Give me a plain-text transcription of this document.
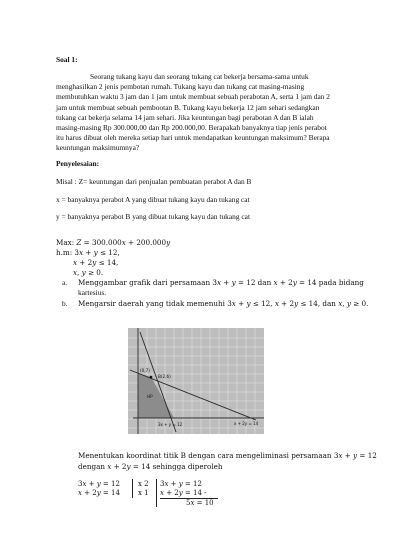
Soal 1:
Seorang tukang kayu dan seorang tukang cat bekerja bersama-sama untuk
menghasilkan 2 jenis pembotan rumah. Tukang kayu dan tukang cat masing-masing
membutuhkan waktu 3 jam dan 1 jam untuk membuat sebuah perabotan A, serta 1 jam dan 2
jam untuk membuat sebuah pembootan B. Tukang kayu bekerja 12 jam sehari sedangkan
tukang cat bekerja selama 14 jam sehari. Jika keuntungan bagi perabotan A dan B ialah
masing-masing Rp 300.000,00 dan Rp 200.000,00. Berapakah banyaknya tiap jenis perabot
itu harus dibuat oleh mereka setiap hari untuk mendapatkan keuntungan maksimum? Berapa
keuntungan maksimumnya?
Penyelesaian:
Misal : Z= keuntungan dari penjualan pembuatan perabot A dan B
x = banyaknya perabot A yang dibuat tukang kayu dan tukang cat
y = banyaknya perabot B yang dibuat tukang kayu dan tukang cat
Max: 𝑍 = 300.000𝑥 + 200.000𝑦
h.m: 3𝑥 + 𝑦 ≤ 12,
𝑥 + 2𝑦 ≤ 14,
𝑥, 𝑦 ≥ 0.
a. Menggambar grafik dari persamaan 3𝑥 + 𝑦 = 12 dan 𝑥 + 2𝑦 = 14 pada bidang
kartesius.
b. Mengarsir daerah yang tidak memenuhi 3𝑥 + 𝑦 ≤ 12, 𝑥 + 2𝑦 ≤ 14, dan 𝑥, 𝑦 ≥ 0.
B(2,6)
(0,7)
HP
3x + y = 12	x + 2y = 14
Menentukan koordinat titik B dengan cara mengeliminasi persamaan 3𝑥 + 𝑦 = 12
dengan 𝑥 + 2𝑦 = 14 sehingga diperoleh
3𝑥 + 𝑦 = 12
𝑥 + 2𝑦 = 14
x 2
x 1
3𝑥 + 𝑦 = 12
𝑥 + 2𝑦 = 14 -
5𝑥 = 10
